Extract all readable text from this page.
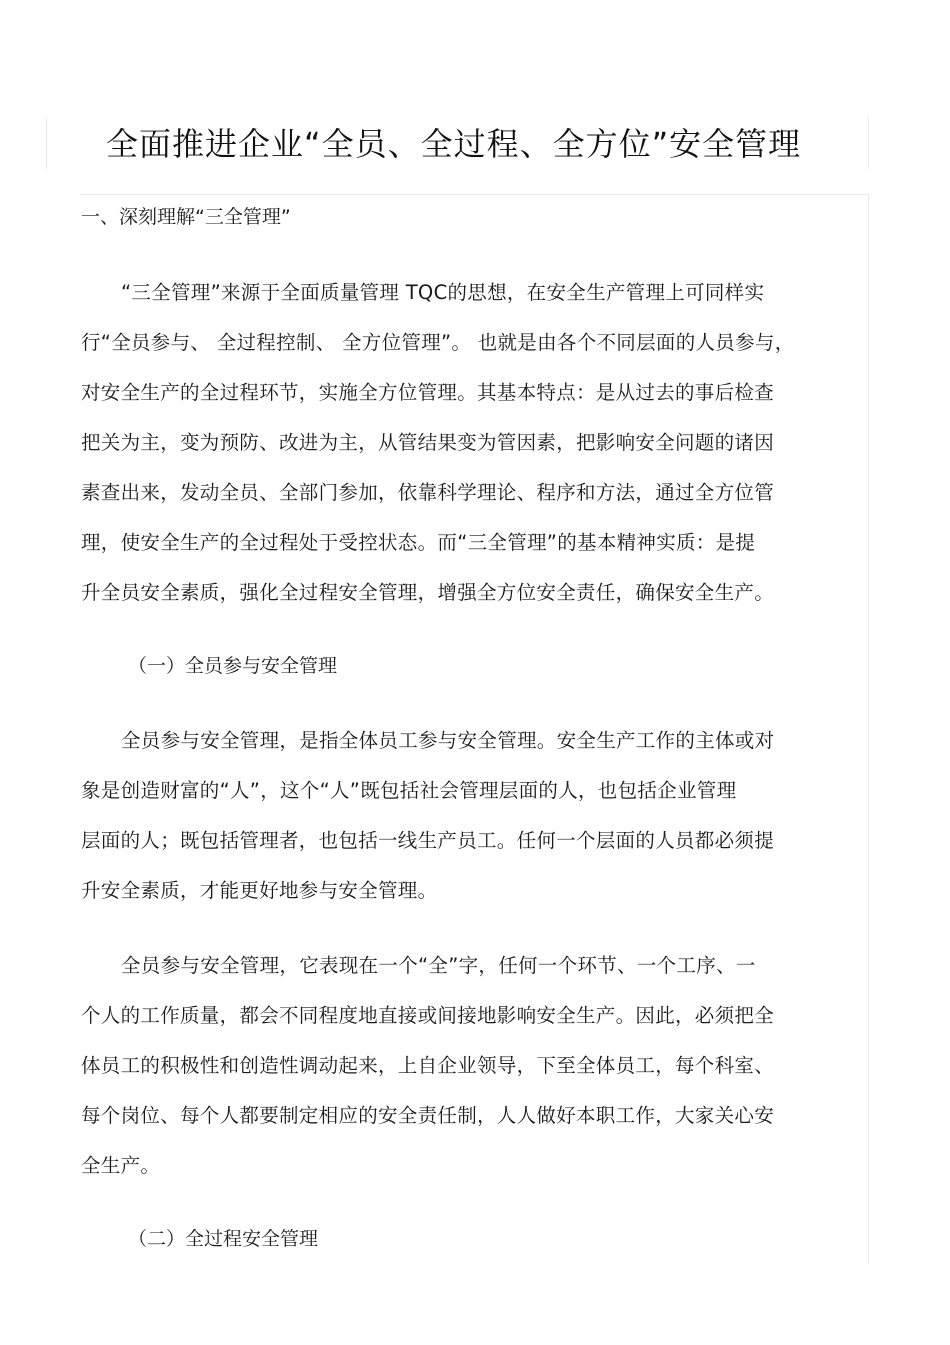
全面推进企业“全员、全过程、全方位”安全管理
一、深刻理解“三全管理”
“三全管理”来源于全面质量管理 TQC的思想，在安全生产管理上可同样实
行“全员参与、 全过程控制、 全方位管理”。 也就是由各个不同层面的人员参与，
对安全生产的全过程环节，实施全方位管理。其基本特点：是从过去的事后检查
把关为主，变为预防、改进为主，从管结果变为管因素，把影响安全问题的诸因
素查出来，发动全员、全部门参加，依靠科学理论、程序和方法，通过全方位管
理，使安全生产的全过程处于受控状态。而“三全管理”的基本精神实质：是提
升全员安全素质，强化全过程安全管理，增强全方位安全责任，确保安全生产。
（一）全员参与安全管理
全员参与安全管理，是指全体员工参与安全管理。安全生产工作的主体或对
象是创造财富的“人”，这个“人”既包括社会管理层面的人，也包括企业管理
层面的人；既包括管理者，也包括一线生产员工。任何一个层面的人员都必须提
升安全素质，才能更好地参与安全管理。
全员参与安全管理，它表现在一个“全”字，任何一个环节、一个工序、一
个人的工作质量，都会不同程度地直接或间接地影响安全生产。因此，必须把全
体员工的积极性和创造性调动起来，上自企业领导，下至全体员工，每个科室、
每个岗位、每个人都要制定相应的安全责任制，人人做好本职工作，大家关心安
全生产。
（二）全过程安全管理
